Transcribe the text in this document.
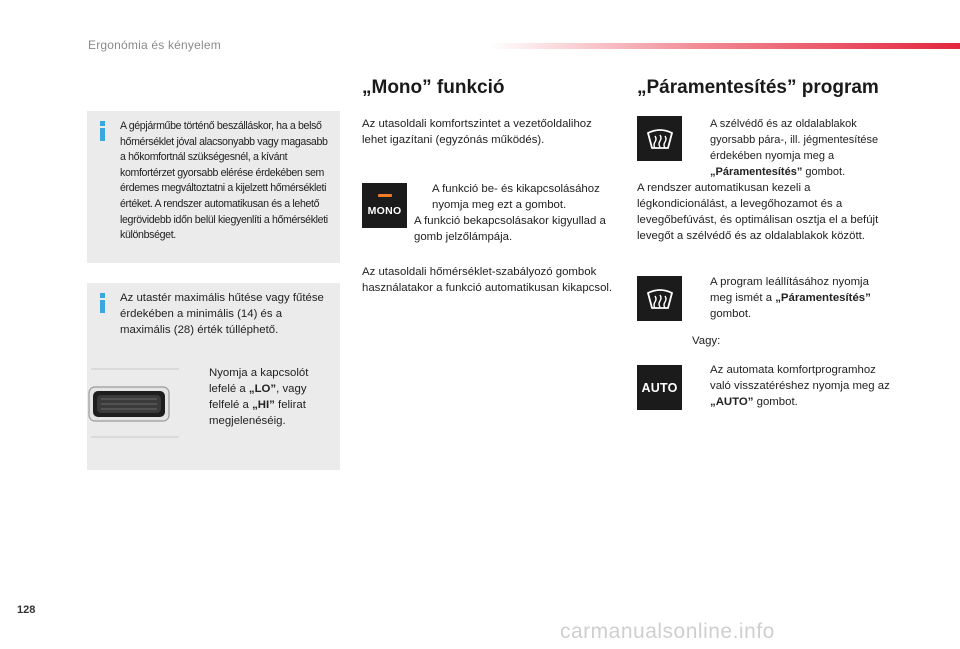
Ergonómia és kényelem
A gépjárműbe történő beszálláskor, ha a belső hőmérséklet jóval alacsonyabb vagy magasabb a hőkomfortnál szükségesnél, a kívánt komfortérzet gyorsabb elérése érdekében sem érdemes megváltoztatni a kijelzett hőmérsékleti értéket. A rendszer automatikusan és a lehető legrövidebb időn belül kiegyenlíti a hőmérsékleti különbséget.
Az utastér maximális hűtése vagy fűtése érdekében a minimális (14) és a maximális (28) érték túlléphető.
Nyomja a kapcsolót lefelé a „LO”, vagy felfelé a „HI” felirat megjelenéséig.
„Mono” funkció
Az utasoldali komfortszintet a vezetőoldalihoz lehet igazítani (egyzónás működés).
MONO
A funkció be- és kikapcsolásához nyomja meg ezt a gombot.
A funkció bekapcsolásakor kigyullad a gomb jelzőlámpája.
Az utasoldali hőmérséklet-szabályozó gombok használatakor a funkció automatikusan kikapcsol.
„Páramentesítés” program
A szélvédő és az oldalablakok gyorsabb pára-, ill. jégmentesítése érdekében nyomja meg a „Páramentesítés” gombot.
A rendszer automatikusan kezeli a légkondicionálást, a levegőhozamot és a levegőbefúvást, és optimálisan osztja el a befújt levegőt a szélvédő és az oldalablakok között.
A program leállításához nyomja meg ismét a „Páramentesítés” gombot.
Vagy:
AUTO
Az automata komfortprogramhoz való visszatéréshez nyomja meg az „AUTO” gombot.
128
carmanualsonline.info
